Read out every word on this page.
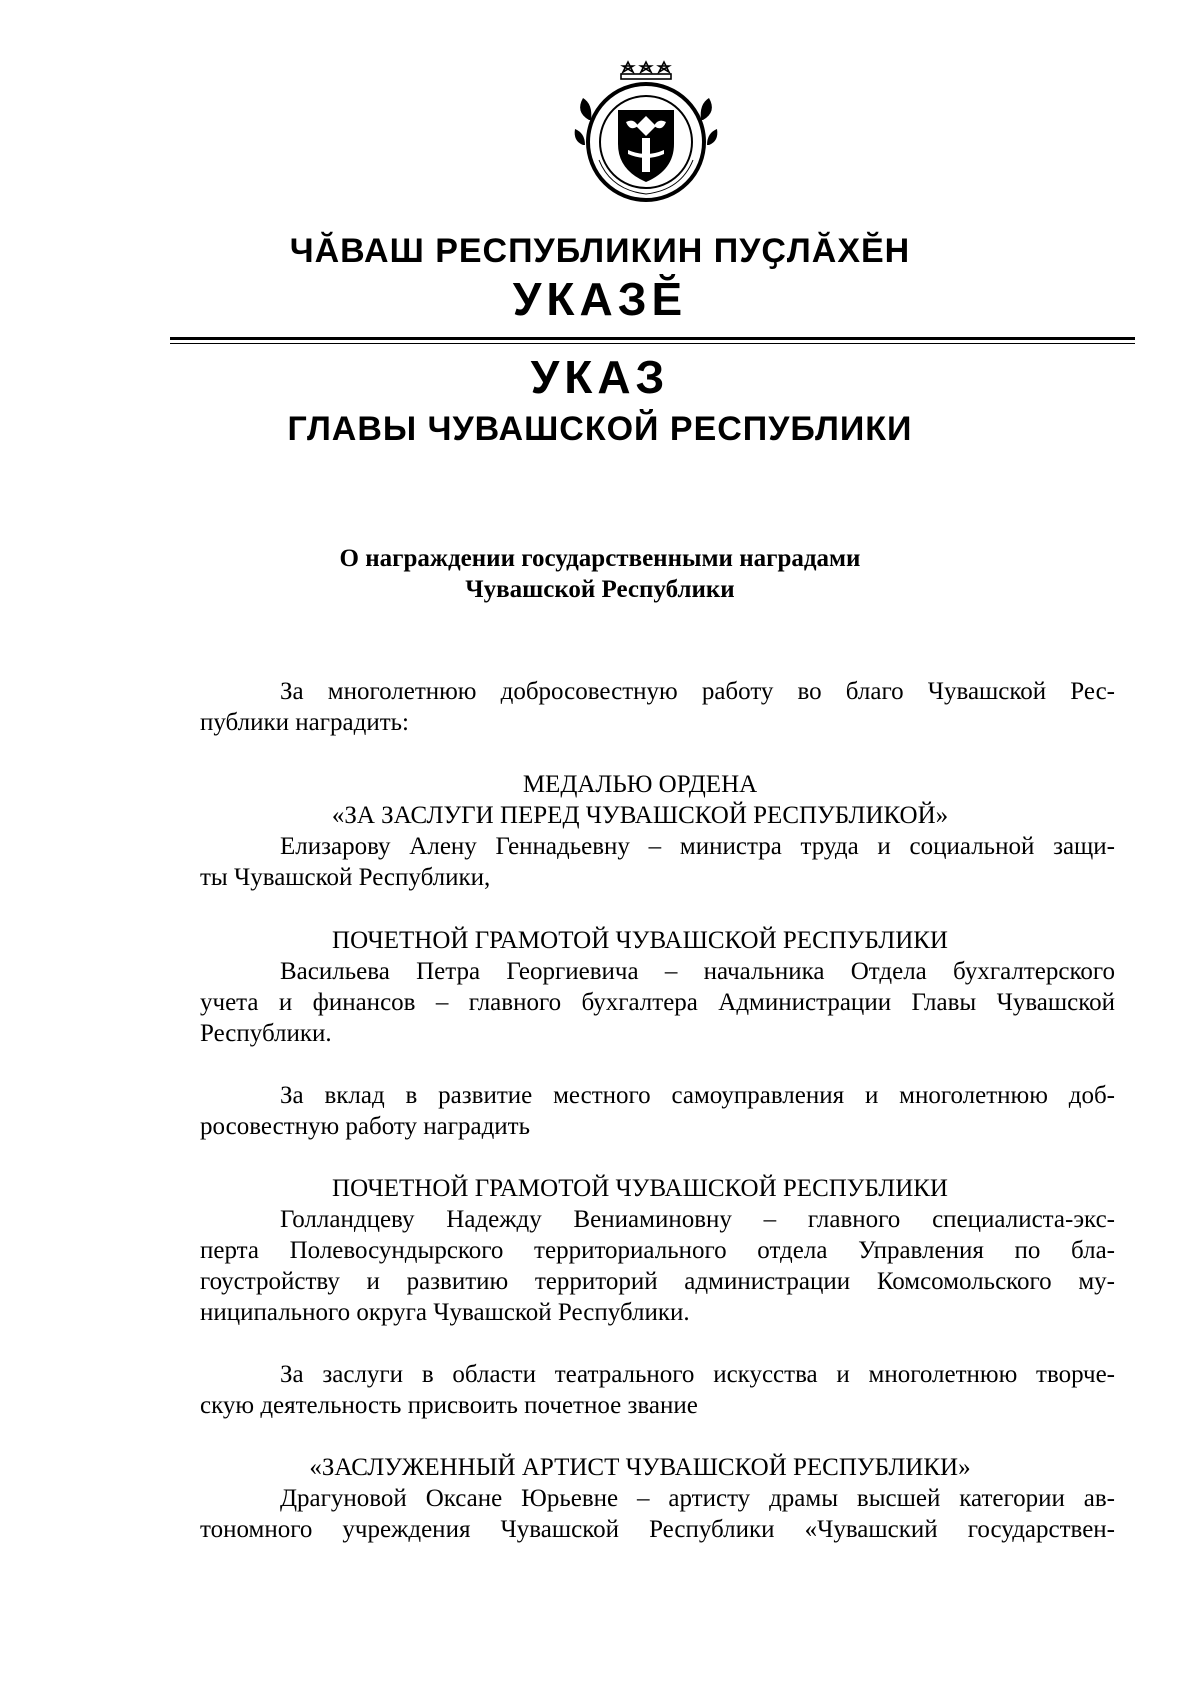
ЧӐВАШ РЕСПУБЛИКИН ПУҪЛӐХӖН
УКАЗӖ
УКАЗ
ГЛАВЫ ЧУВАШСКОЙ РЕСПУБЛИКИ
О награждении государственными наградами
Чувашской Республики
За многолетнюю добросовестную работу во благо Чувашской Рес-
публики наградить:
МЕДАЛЬЮ ОРДЕНА
«ЗА ЗАСЛУГИ ПЕРЕД ЧУВАШСКОЙ РЕСПУБЛИКОЙ»
Елизарову Алену Геннадьевну – министра труда и социальной защи-
ты Чувашской Республики,
ПОЧЕТНОЙ ГРАМОТОЙ ЧУВАШСКОЙ РЕСПУБЛИКИ
Васильева Петра Георгиевича – начальника Отдела бухгалтерского
учета и финансов – главного бухгалтера Администрации Главы Чувашской
Республики.
За вклад в развитие местного самоуправления и многолетнюю доб-
росовестную работу наградить
ПОЧЕТНОЙ ГРАМОТОЙ ЧУВАШСКОЙ РЕСПУБЛИКИ
Голландцеву Надежду Вениаминовну – главного специалиста-экс-
перта Полевосундырского территориального отдела Управления по бла-
гоустройству и развитию территорий администрации Комсомольского му-
ниципального округа Чувашской Республики.
За заслуги в области театрального искусства и многолетнюю творче-
скую деятельность присвоить почетное звание
«ЗАСЛУЖЕННЫЙ АРТИСТ ЧУВАШСКОЙ РЕСПУБЛИКИ»
Драгуновой Оксане Юрьевне – артисту драмы высшей категории ав-
тономного учреждения Чувашской Республики «Чувашский государствен-
